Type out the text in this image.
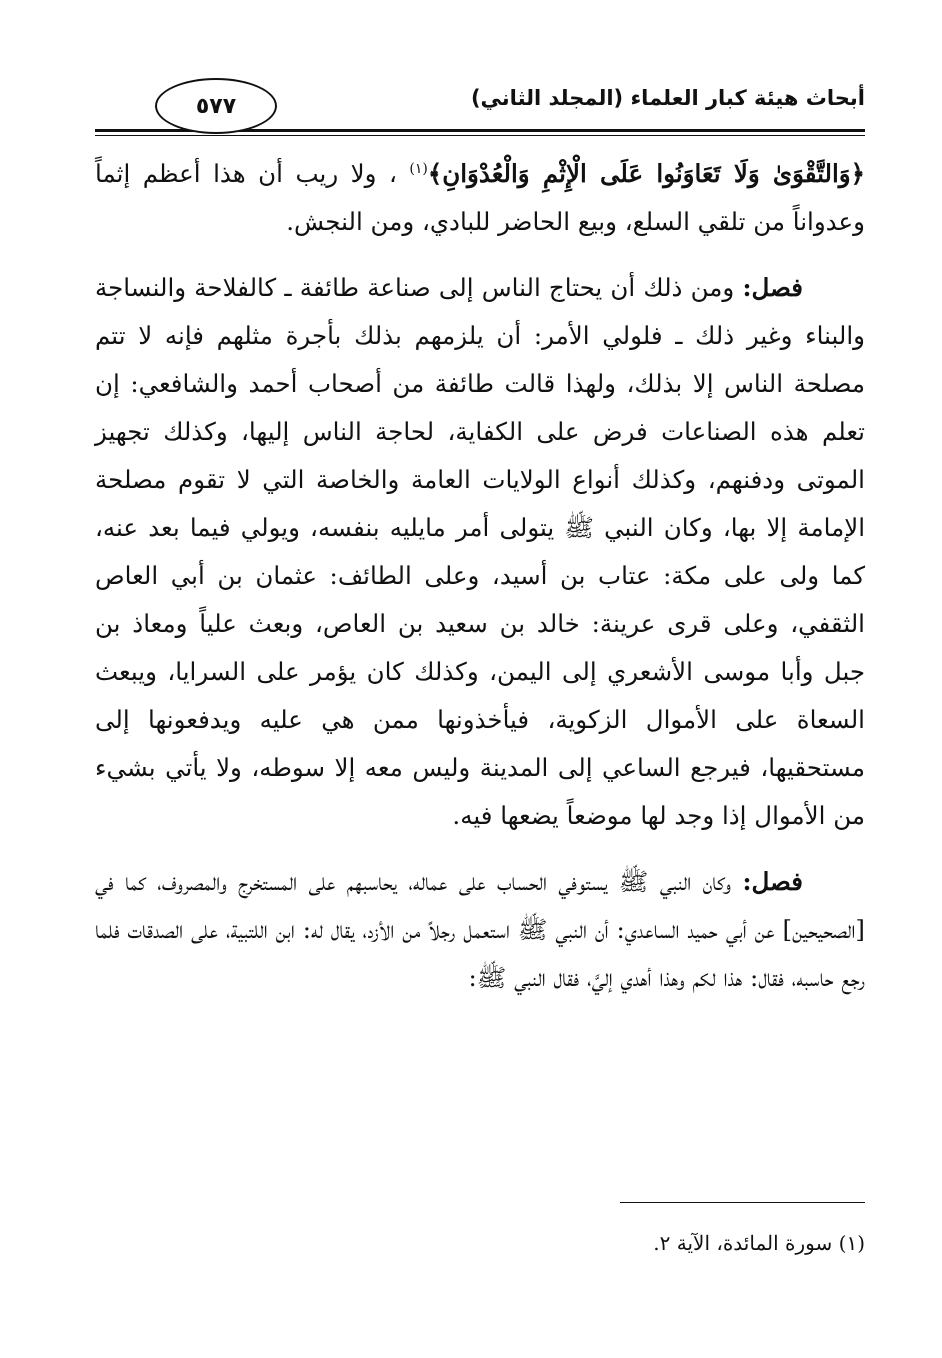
أبحاث هيئة كبار العلماء (المجلد الثاني)
٥٧٧

﴿وَالتَّقْوَىٰ وَلَا تَعَاوَنُوا عَلَى الْإِثْمِ وَالْعُدْوَانِ﴾$^{(١)}$ ، ولا ريب أن هذا أعظم إثماً وعدواناً من تلقي السلع، وبيع الحاضر للبادي، ومن النجش.

فصل: ومن ذلك أن يحتاج الناس إلى صناعة طائفة ـ كالفلاحة والنساجة والبناء وغير ذلك ـ فلولي الأمر: أن يلزمهم بذلك بأجرة مثلهم فإنه لا تتم مصلحة الناس إلا بذلك، ولهذا قالت طائفة من أصحاب أحمد والشافعي: إن تعلم هذه الصناعات فرض على الكفاية، لحاجة الناس إليها، وكذلك تجهيز الموتى ودفنهم، وكذلك أنواع الولايات العامة والخاصة التي لا تقوم مصلحة الإمامة إلا بها، وكان النبي ﷺ يتولى أمر مايليه بنفسه، ويولي فيما بعد عنه، كما ولى على مكة: عتاب بن أسيد، وعلى الطائف: عثمان بن أبي العاص الثقفي، وعلى قرى عرينة: خالد بن سعيد بن العاص، وبعث علياً ومعاذ بن جبل وأبا موسى الأشعري إلى اليمن، وكذلك كان يؤمر على السرايا، ويبعث السعاة على الأموال الزكوية، فيأخذونها ممن هي عليه ويدفعونها إلى مستحقيها، فيرجع الساعي إلى المدينة وليس معه إلا سوطه، ولا يأتي بشيء من الأموال إذا وجد لها موضعاً يضعها فيه.

فصل: وكان النبي ﷺ يستوفي الحساب على عماله، يحاسبهم على المستخرج والمصروف، كما في [الصحيحين] عن أبي حميد الساعدي: أن النبي ﷺ استعمل رجلاً من الأزد، يقال له: ابن اللتبية، على الصدقات فلما رجع حاسبه، فقال: هذا لكم وهذا أهدي إليَّ، فقال النبي ﷺ:

(١) سورة المائدة، الآية ٢.
